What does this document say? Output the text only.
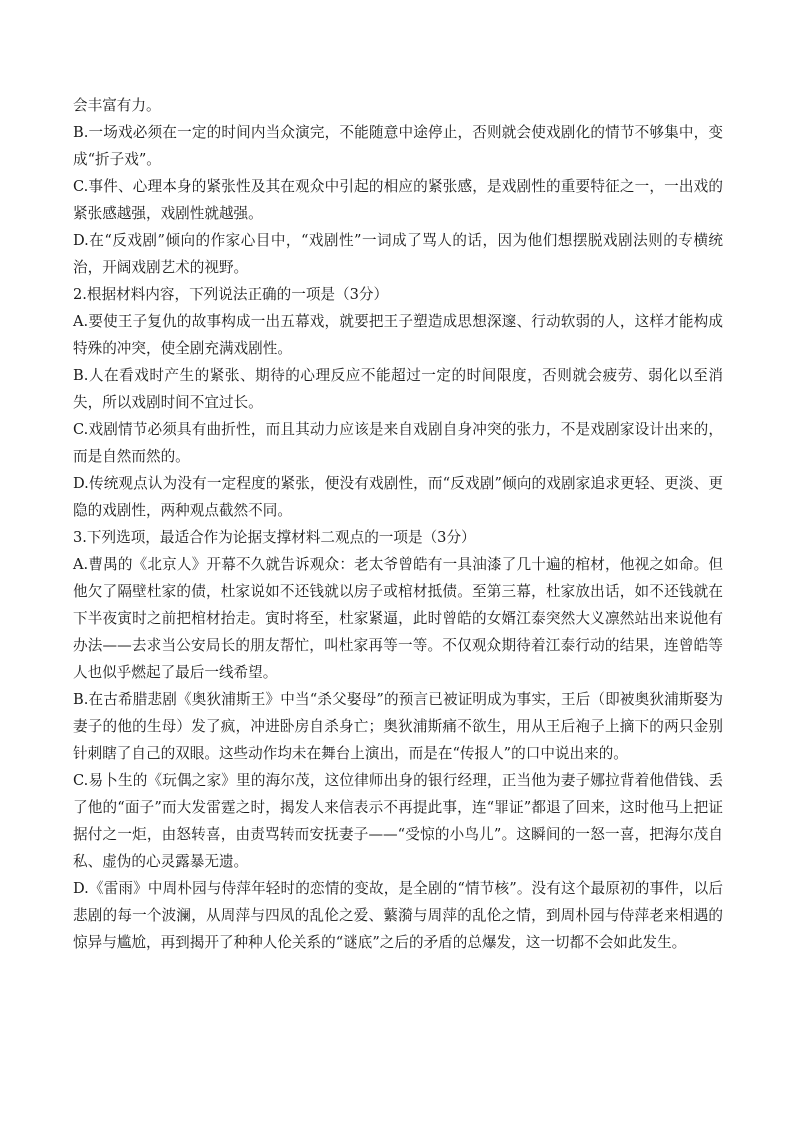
会丰富有力。

B.一场戏必须在一定的时间内当众演完，不能随意中途停止，否则就会使戏剧化的情节不够集中，变成“折子戏”。

C.事件、心理本身的紧张性及其在观众中引起的相应的紧张感，是戏剧性的重要特征之一，一出戏的紧张感越强，戏剧性就越强。

D.在“反戏剧”倾向的作家心目中，“戏剧性”一词成了骂人的话，因为他们想摆脱戏剧法则的专横统治，开阔戏剧艺术的视野。

2.根据材料内容，下列说法正确的一项是（3分）

A.要使王子复仇的故事构成一出五幕戏，就要把王子塑造成思想深邃、行动软弱的人，这样才能构成特殊的冲突，使全剧充满戏剧性。

B.人在看戏时产生的紧张、期待的心理反应不能超过一定的时间限度，否则就会疲劳、弱化以至消失，所以戏剧时间不宜过长。

C.戏剧情节必须具有曲折性，而且其动力应该是来自戏剧自身冲突的张力，不是戏剧家设计出来的，而是自然而然的。

D.传统观点认为没有一定程度的紧张，便没有戏剧性，而“反戏剧”倾向的戏剧家追求更轻、更淡、更隐的戏剧性，两种观点截然不同。

3.下列选项，最适合作为论据支撑材料二观点的一项是（3分）

A.曹禺的《北京人》开幕不久就告诉观众：老太爷曾皓有一具油漆了几十遍的棺材，他视之如命。但他欠了隔壁杜家的债，杜家说如不还钱就以房子或棺材抵债。至第三幕，杜家放出话，如不还钱就在下半夜寅时之前把棺材抬走。寅时将至，杜家紧逼，此时曾皓的女婿江泰突然大义凛然站出来说他有办法——去求当公安局长的朋友帮忙，叫杜家再等一等。不仅观众期待着江泰行动的结果，连曾皓等人也似乎燃起了最后一线希望。

B.在古希腊悲剧《奥狄浦斯王》中当“杀父娶母”的预言已被证明成为事实，王后（即被奥狄浦斯娶为妻子的他的生母）发了疯，冲进卧房自杀身亡；奥狄浦斯痛不欲生，用从王后袍子上摘下的两只金别针刺瞎了自己的双眼。这些动作均未在舞台上演出，而是在“传报人”的口中说出来的。

C.易卜生的《玩偶之家》里的海尔茂，这位律师出身的银行经理，正当他为妻子娜拉背着他借钱、丢了他的“面子”而大发雷霆之时，揭发人来信表示不再提此事，连“罪证”都退了回来，这时他马上把证据付之一炬，由怒转喜，由责骂转而安抚妻子——“受惊的小鸟儿”。这瞬间的一怒一喜，把海尔茂自私、虚伪的心灵露暴无遗。

D.《雷雨》中周朴园与侍萍年轻时的恋情的变故，是全剧的“情节核”。没有这个最原初的事件，以后悲剧的每一个波澜，从周萍与四凤的乱伦之爱、蘩漪与周萍的乱伦之情，到周朴园与侍萍老来相遇的惊异与尴尬，再到揭开了种种人伦关系的“谜底”之后的矛盾的总爆发，这一切都不会如此发生。
